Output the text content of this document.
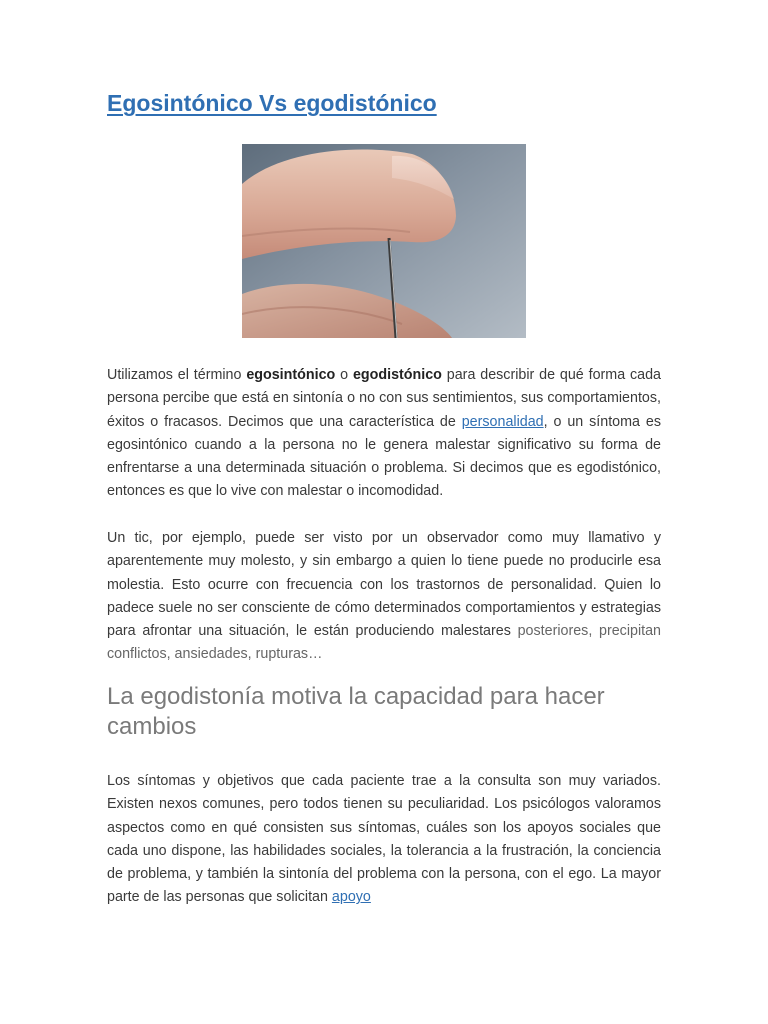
Egosintónico Vs egodistónico

Utilizamos el término egosintónico o egodistónico para describir de qué forma cada persona percibe que está en sintonía o no con sus sentimientos, sus comportamientos, éxitos o fracasos. Decimos que una característica de personalidad, o un síntoma es egosintónico cuando a la persona no le genera malestar significativo su forma de enfrentarse a una determinada situación o problema. Si decimos que es egodistónico, entonces es que lo vive con malestar o incomodidad.

Un tic, por ejemplo, puede ser visto por un observador como muy llamativo y aparentemente muy molesto, y sin embargo a quien lo tiene puede no producirle esa molestia. Esto ocurre con frecuencia con los trastornos de personalidad. Quien lo padece suele no ser consciente de cómo determinados comportamientos y estrategias para afrontar una situación, le están produciendo malestares posteriores, precipitan conflictos, ansiedades, rupturas…

La egodistonía motiva la capacidad para hacer cambios

Los síntomas y objetivos que cada paciente trae a la consulta son muy variados. Existen nexos comunes, pero todos tienen su peculiaridad. Los psicólogos valoramos aspectos como en qué consisten sus síntomas, cuáles son los apoyos sociales que cada uno dispone, las habilidades sociales, la tolerancia a la frustración, la conciencia de problema, y también la sintonía del problema con la persona, con el ego. La mayor parte de las personas que solicitan apoyo
